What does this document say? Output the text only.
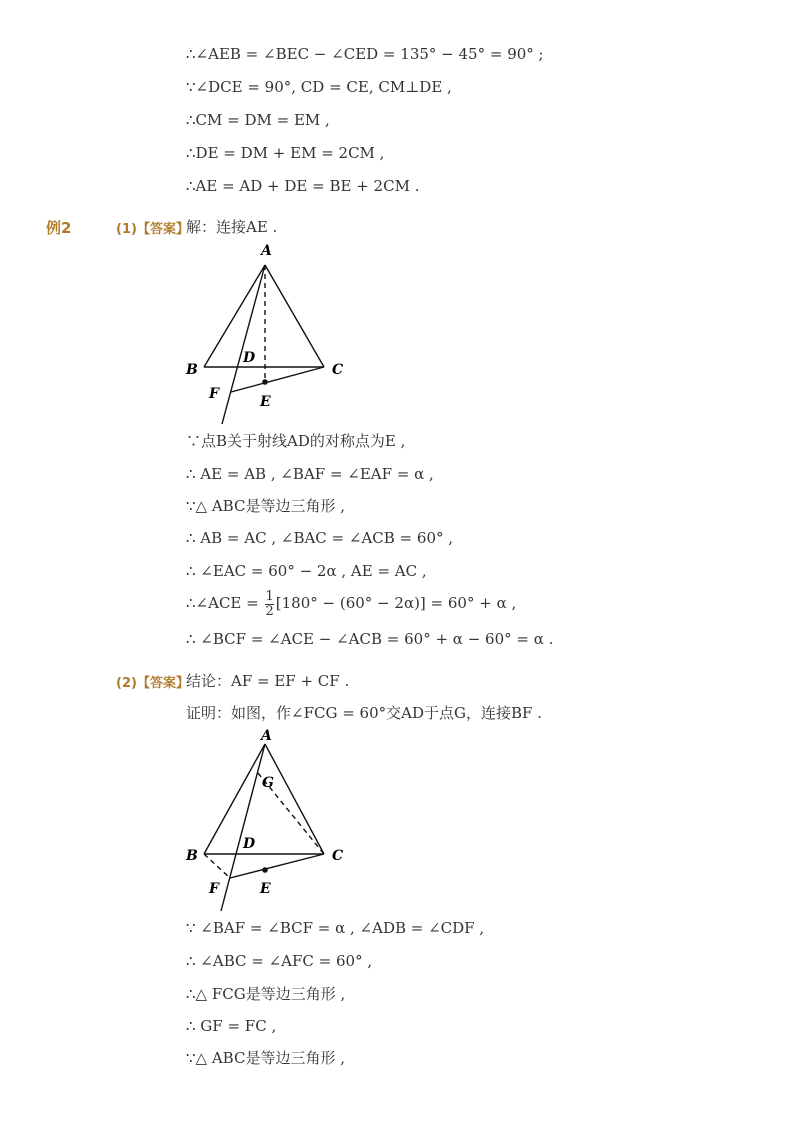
∴∠AEB = ∠BEC − ∠CED = 135° − 45° = 90° ;
∵∠DCE = 90°, CD = CE, CM⊥DE ,
∴CM = DM = EM ,
∴DE = DM + EM = 2CM ,
∴AE = AD + DE = BE + 2CM .
例2	(1)【答案】
解：连接AE .
A
B	C
D
E
F
∵点B关于射线AD的对称点为E ,
∴ AE = AB , ∠BAF = ∠EAF = α ,
∵△ ABC是等边三角形 ,
∴ AB = AC , ∠BAC = ∠ACB = 60° ,
∴ ∠EAC = 60° − 2α , AE = AC ,
∴∠ACE = $\frac{1}{2} [180^\circ - (60^\circ - 2\alpha)] = 60^\circ + \alpha$ ,
∴ ∠BCF = ∠ACE − ∠ACB = 60° + α − 60° = α .
(2)【答案】
结论：AF = EF + CF .
证明：如图，作∠FCG = 60°交AD于点G，连接BF .
A
G
B	C
D
E
F
∵ ∠BAF = ∠BCF = α , ∠ADB = ∠CDF ,
∴ ∠ABC = ∠AFC = 60° ,
∴△ FCG是等边三角形 ,
∴ GF = FC ,
∵△ ABC是等边三角形 ,
